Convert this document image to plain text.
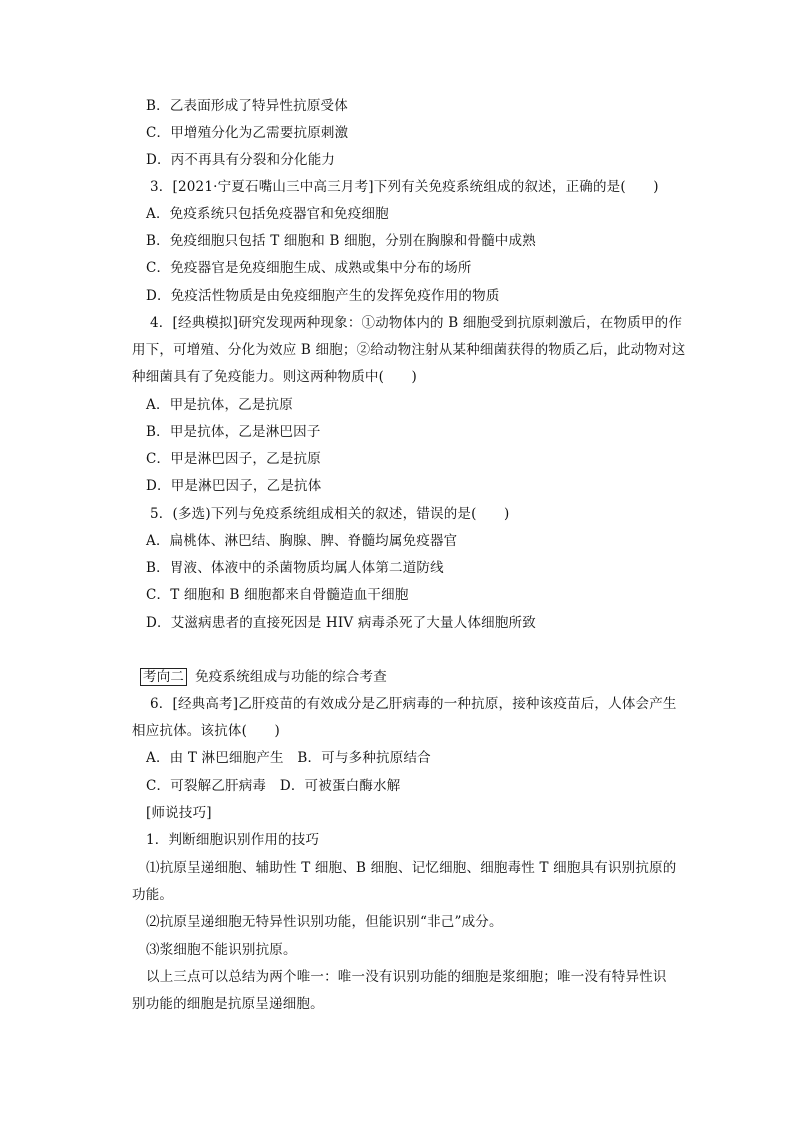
B．乙表面形成了特异性抗原受体
C．甲增殖分化为乙需要抗原刺激
D．丙不再具有分裂和分化能力
3．[2021·宁夏石嘴山三中高三月考]下列有关免疫系统组成的叙述，正确的是(　　)
A．免疫系统只包括免疫器官和免疫细胞
B．免疫细胞只包括 T 细胞和 B 细胞，分别在胸腺和骨髓中成熟
C．免疫器官是免疫细胞生成、成熟或集中分布的场所
D．免疫活性物质是由免疫细胞产生的发挥免疫作用的物质
4．[经典模拟]研究发现两种现象：①动物体内的 B 细胞受到抗原刺激后，在物质甲的作
用下，可增殖、分化为效应 B 细胞；②给动物注射从某种细菌获得的物质乙后，此动物对这
种细菌具有了免疫能力。则这两种物质中(　　)
A．甲是抗体，乙是抗原
B．甲是抗体，乙是淋巴因子
C．甲是淋巴因子，乙是抗原
D．甲是淋巴因子，乙是抗体
5．(多选)下列与免疫系统组成相关的叙述，错误的是(　　)
A．扁桃体、淋巴结、胸腺、脾、脊髓均属免疫器官
B．胃液、体液中的杀菌物质均属人体第二道防线
C．T 细胞和 B 细胞都来自骨髓造血干细胞
D．艾滋病患者的直接死因是 HIV 病毒杀死了大量人体细胞所致
考向二 免疫系统组成与功能的综合考查
6．[经典高考]乙肝疫苗的有效成分是乙肝病毒的一种抗原，接种该疫苗后，人体会产生
相应抗体。该抗体(　　)
A．由 T 淋巴细胞产生　B．可与多种抗原结合
C．可裂解乙肝病毒　D．可被蛋白酶水解
[师说技巧]
1．判断细胞识别作用的技巧
⑴抗原呈递细胞、辅助性 T 细胞、B 细胞、记忆细胞、细胞毒性 T 细胞具有识别抗原的
功能。
⑵抗原呈递细胞无特异性识别功能，但能识别“非己”成分。
⑶浆细胞不能识别抗原。
以上三点可以总结为两个唯一：唯一没有识别功能的细胞是浆细胞；唯一没有特异性识
别功能的细胞是抗原呈递细胞。
